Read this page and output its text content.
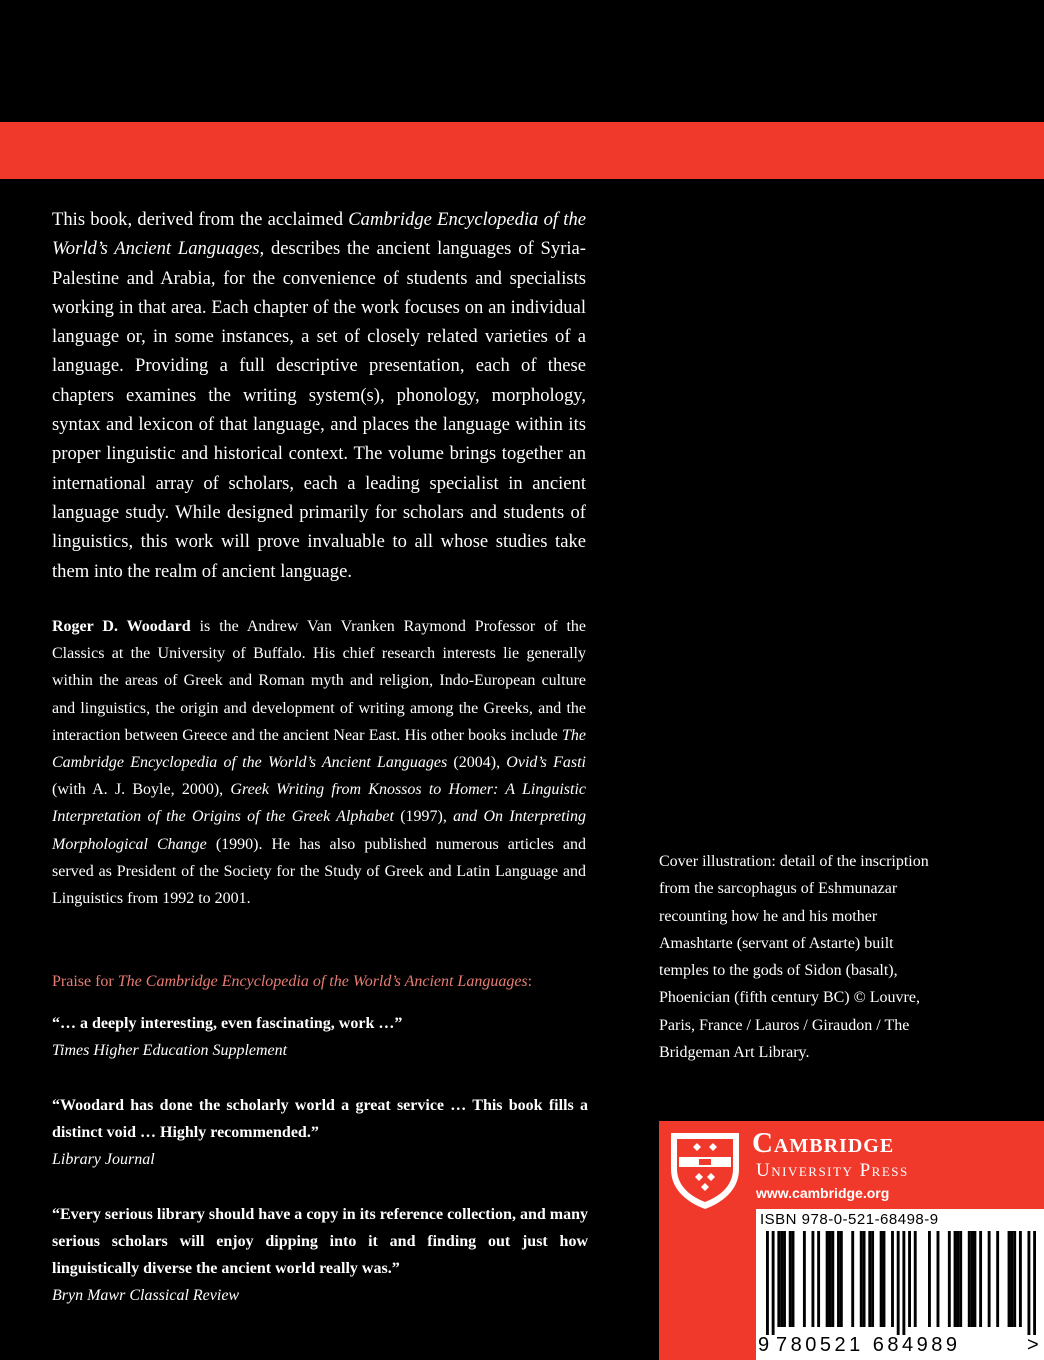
This book, derived from the acclaimed Cambridge Encyclopedia of the World’s Ancient Languages, describes the ancient languages of Syria-Palestine and Arabia, for the convenience of students and specialists working in that area. Each chapter of the work focuses on an individual language or, in some instances, a set of closely related varieties of a language. Providing a full descriptive presentation, each of these chapters examines the writing system(s), phonology, morphology, syntax and lexicon of that language, and places the language within its proper linguistic and historical context. The volume brings together an international array of scholars, each a leading specialist in ancient language study. While designed primarily for scholars and students of linguistics, this work will prove invaluable to all whose studies take them into the realm of ancient language.

Roger D. Woodard is the Andrew Van Vranken Raymond Professor of the Classics at the University of Buffalo. His chief research interests lie generally within the areas of Greek and Roman myth and religion, Indo-European culture and linguistics, the origin and development of writing among the Greeks, and the interaction between Greece and the ancient Near East. His other books include The Cambridge Encyclopedia of the World’s Ancient Languages (2004), Ovid’s Fasti (with A. J. Boyle, 2000), Greek Writing from Knossos to Homer: A Linguistic Interpretation of the Origins of the Greek Alphabet (1997), and On Interpreting Morphological Change (1990). He has also published numerous articles and served as President of the Society for the Study of Greek and Latin Language and Linguistics from 1992 to 2001.

Praise for The Cambridge Encyclopedia of the World’s Ancient Languages:

“… a deeply interesting, even fascinating, work …”
Times Higher Education Supplement
“Woodard has done the scholarly world a great service … This book fills a distinct void … Highly recommended.”
Library Journal
“Every serious library should have a copy in its reference collection, and many serious scholars will enjoy dipping into it and finding out just how linguistically diverse the ancient world really was.”
Bryn Mawr Classical Review

Cover illustration: detail of the inscription from the sarcophagus of Eshmunazar recounting how he and his mother Amashtarte (servant of Astarte) built temples to the gods of Sidon (basalt), Phoenician (fifth century BC) © Louvre, Paris, France / Lauros / Giraudon / The Bridgeman Art Library.

Cambridge
University Press
www.cambridge.org
ISBN 978-0-521-68498-9
9 780521 684989	>
